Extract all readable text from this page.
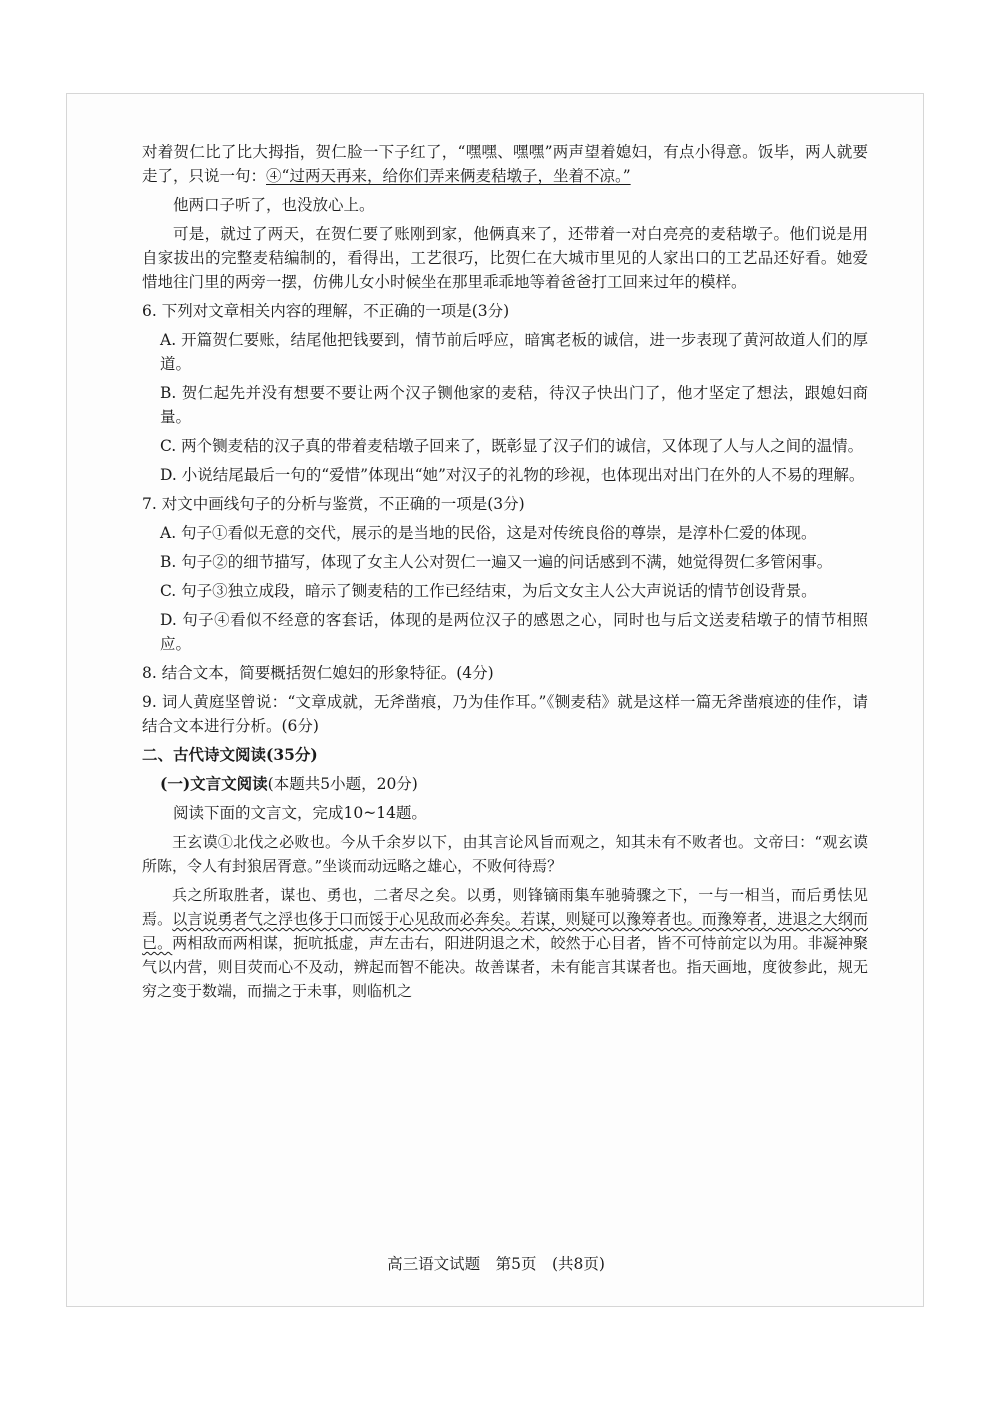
对着贺仁比了比大拇指，贺仁脸一下子红了，“嘿嘿、嘿嘿”两声望着媳妇，有点小得意。饭毕，两人就要走了，只说一句：④“过两天再来，给你们弄来俩麦秸墩子，坐着不凉。”

他两口子听了，也没放心上。

可是，就过了两天，在贺仁要了账刚到家，他俩真来了，还带着一对白亮亮的麦秸墩子。他们说是用自家拔出的完整麦秸编制的，看得出，工艺很巧，比贺仁在大城市里见的人家出口的工艺品还好看。她爱惜地往门里的两旁一摆，仿佛儿女小时候坐在那里乖乖地等着爸爸打工回来过年的模样。

6. 下列对文章相关内容的理解，不正确的一项是(3分)

A. 开篇贺仁要账，结尾他把钱要到，情节前后呼应，暗寓老板的诚信，进一步表现了黄河故道人们的厚道。

B. 贺仁起先并没有想要不要让两个汉子铡他家的麦秸，待汉子快出门了，他才坚定了想法，跟媳妇商量。

C. 两个铡麦秸的汉子真的带着麦秸墩子回来了，既彰显了汉子们的诚信，又体现了人与人之间的温情。

D. 小说结尾最后一句的“爱惜”体现出“她”对汉子的礼物的珍视，也体现出对出门在外的人不易的理解。

7. 对文中画线句子的分析与鉴赏，不正确的一项是(3分)

A. 句子①看似无意的交代，展示的是当地的民俗，这是对传统良俗的尊崇，是淳朴仁爱的体现。

B. 句子②的细节描写，体现了女主人公对贺仁一遍又一遍的问话感到不满，她觉得贺仁多管闲事。

C. 句子③独立成段，暗示了铡麦秸的工作已经结束，为后文女主人公大声说话的情节创设背景。

D. 句子④看似不经意的客套话，体现的是两位汉子的感恩之心，同时也与后文送麦秸墩子的情节相照应。

8. 结合文本，简要概括贺仁媳妇的形象特征。(4分)

9. 词人黄庭坚曾说：“文章成就，无斧凿痕，乃为佳作耳。”《铡麦秸》就是这样一篇无斧凿痕迹的佳作，请结合文本进行分析。(6分)

二、古代诗文阅读(35分)

(一)文言文阅读(本题共5小题，20分)

阅读下面的文言文，完成10~14题。

王玄谟①北伐之必败也。今从千余岁以下，由其言论风旨而观之，知其未有不败者也。文帝曰：“观玄谟所陈，令人有封狼居胥意。”坐谈而动远略之雄心，不败何待焉？

兵之所取胜者，谋也、勇也，二者尽之矣。以勇，则锋镝雨集车驰骑骤之下，一与一相当，而后勇怯见焉。以言说勇者气之浮也侈于口而馁于心见敌而必奔矣。若谋，则疑可以豫筹者也。而豫筹者，进退之大纲而已。两相敌而两相谋，扼吭抵虚，声左击右，阳进阴退之术，皎然于心目者，皆不可恃前定以为用。非凝神聚气以内营，则目荧而心不及动，辨起而智不能决。故善谋者，未有能言其谋者也。指天画地，度彼参此，规无穷之变于数端，而揣之于未事，则临机之

高三语文试题　第5页　(共8页)
